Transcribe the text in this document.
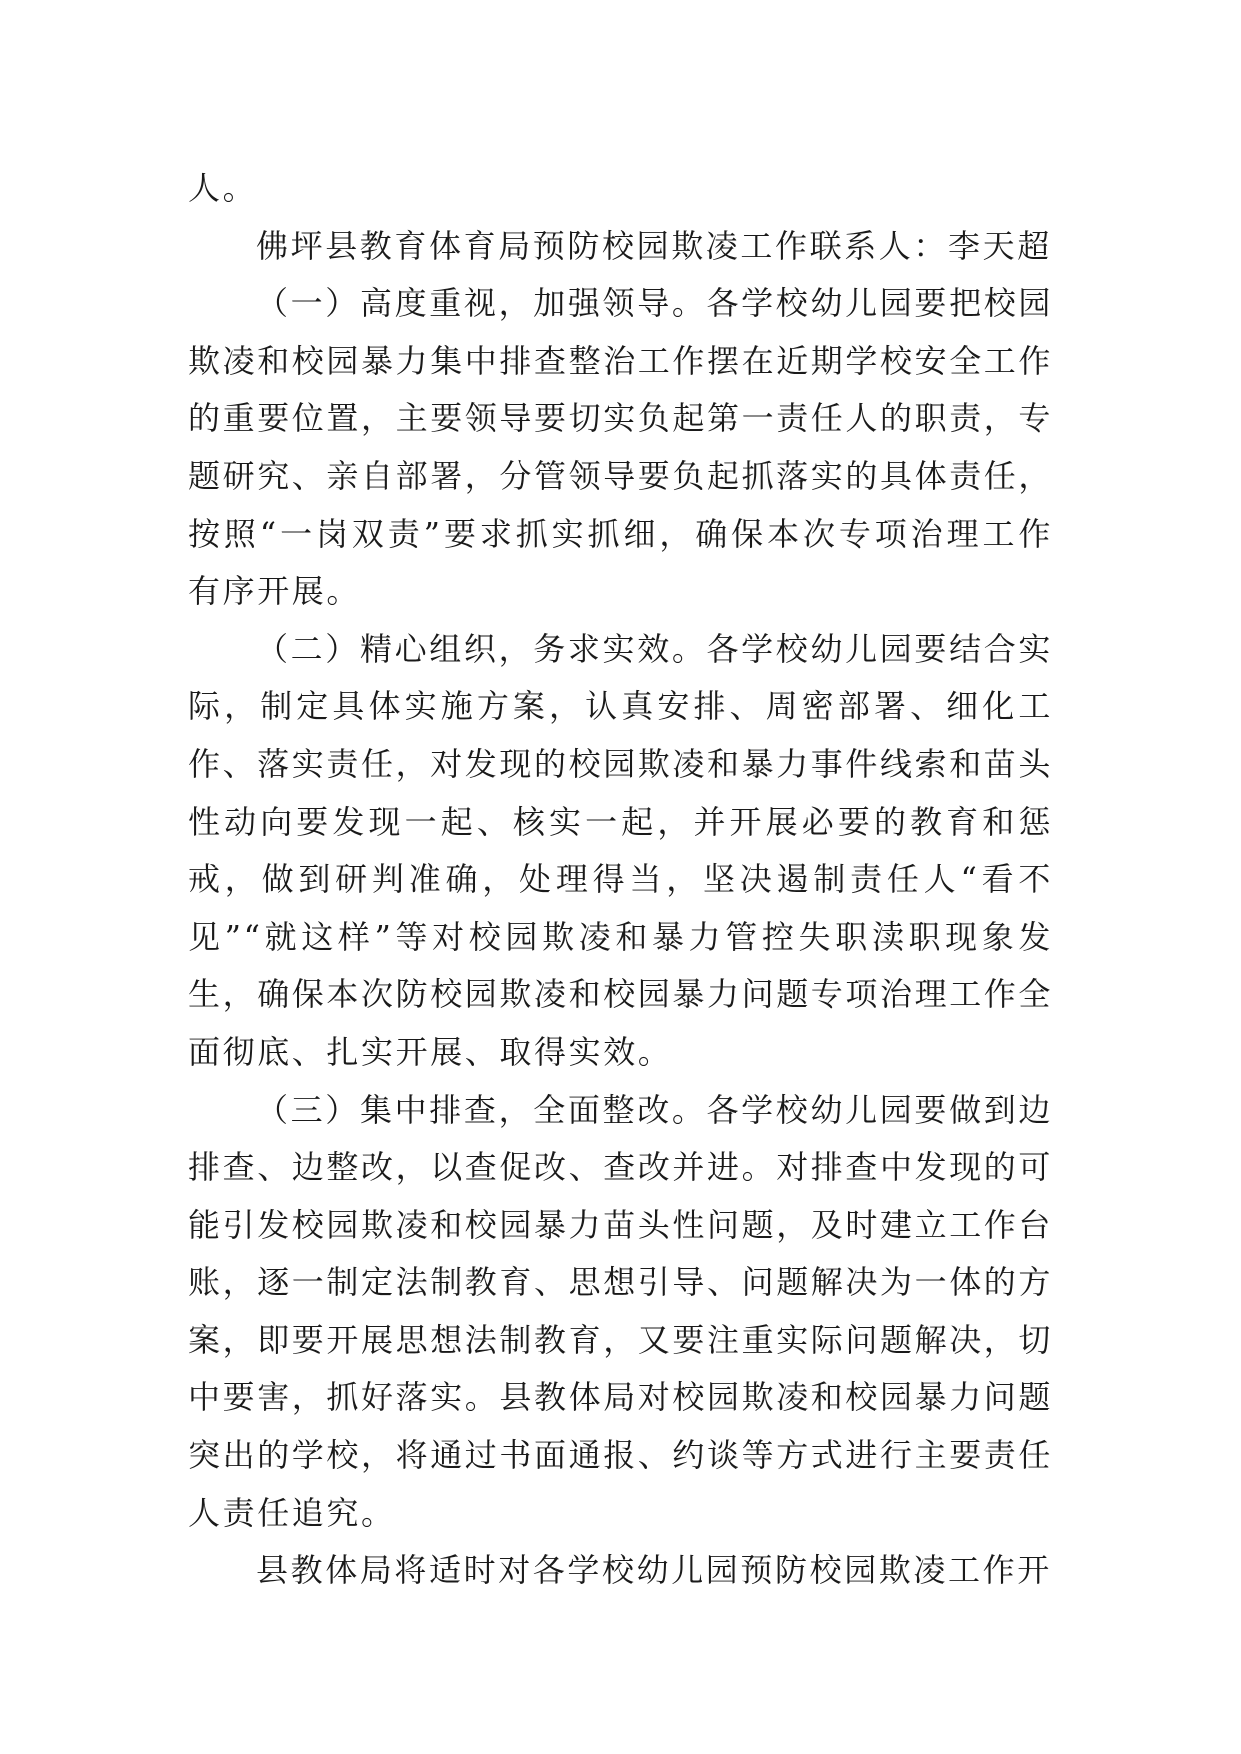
人。

佛坪县教育体育局预防校园欺凌工作联系人：李天超

（一）高度重视，加强领导。各学校幼儿园要把校园欺凌和校园暴力集中排查整治工作摆在近期学校安全工作的重要位置，主要领导要切实负起第一责任人的职责，专题研究、亲自部署，分管领导要负起抓落实的具体责任，按照“一岗双责”要求抓实抓细，确保本次专项治理工作有序开展。

（二）精心组织，务求实效。各学校幼儿园要结合实际，制定具体实施方案，认真安排、周密部署、细化工作、落实责任，对发现的校园欺凌和暴力事件线索和苗头性动向要发现一起、核实一起，并开展必要的教育和惩戒，做到研判准确，处理得当，坚决遏制责任人“看不见”“就这样”等对校园欺凌和暴力管控失职渎职现象发生，确保本次防校园欺凌和校园暴力问题专项治理工作全面彻底、扎实开展、取得实效。

（三）集中排查，全面整改。各学校幼儿园要做到边排查、边整改，以查促改、查改并进。对排查中发现的可能引发校园欺凌和校园暴力苗头性问题，及时建立工作台账，逐一制定法制教育、思想引导、问题解决为一体的方案，即要开展思想法制教育，又要注重实际问题解决，切中要害，抓好落实。县教体局对校园欺凌和校园暴力问题突出的学校，将通过书面通报、约谈等方式进行主要责任人责任追究。

县教体局将适时对各学校幼儿园预防校园欺凌工作开
